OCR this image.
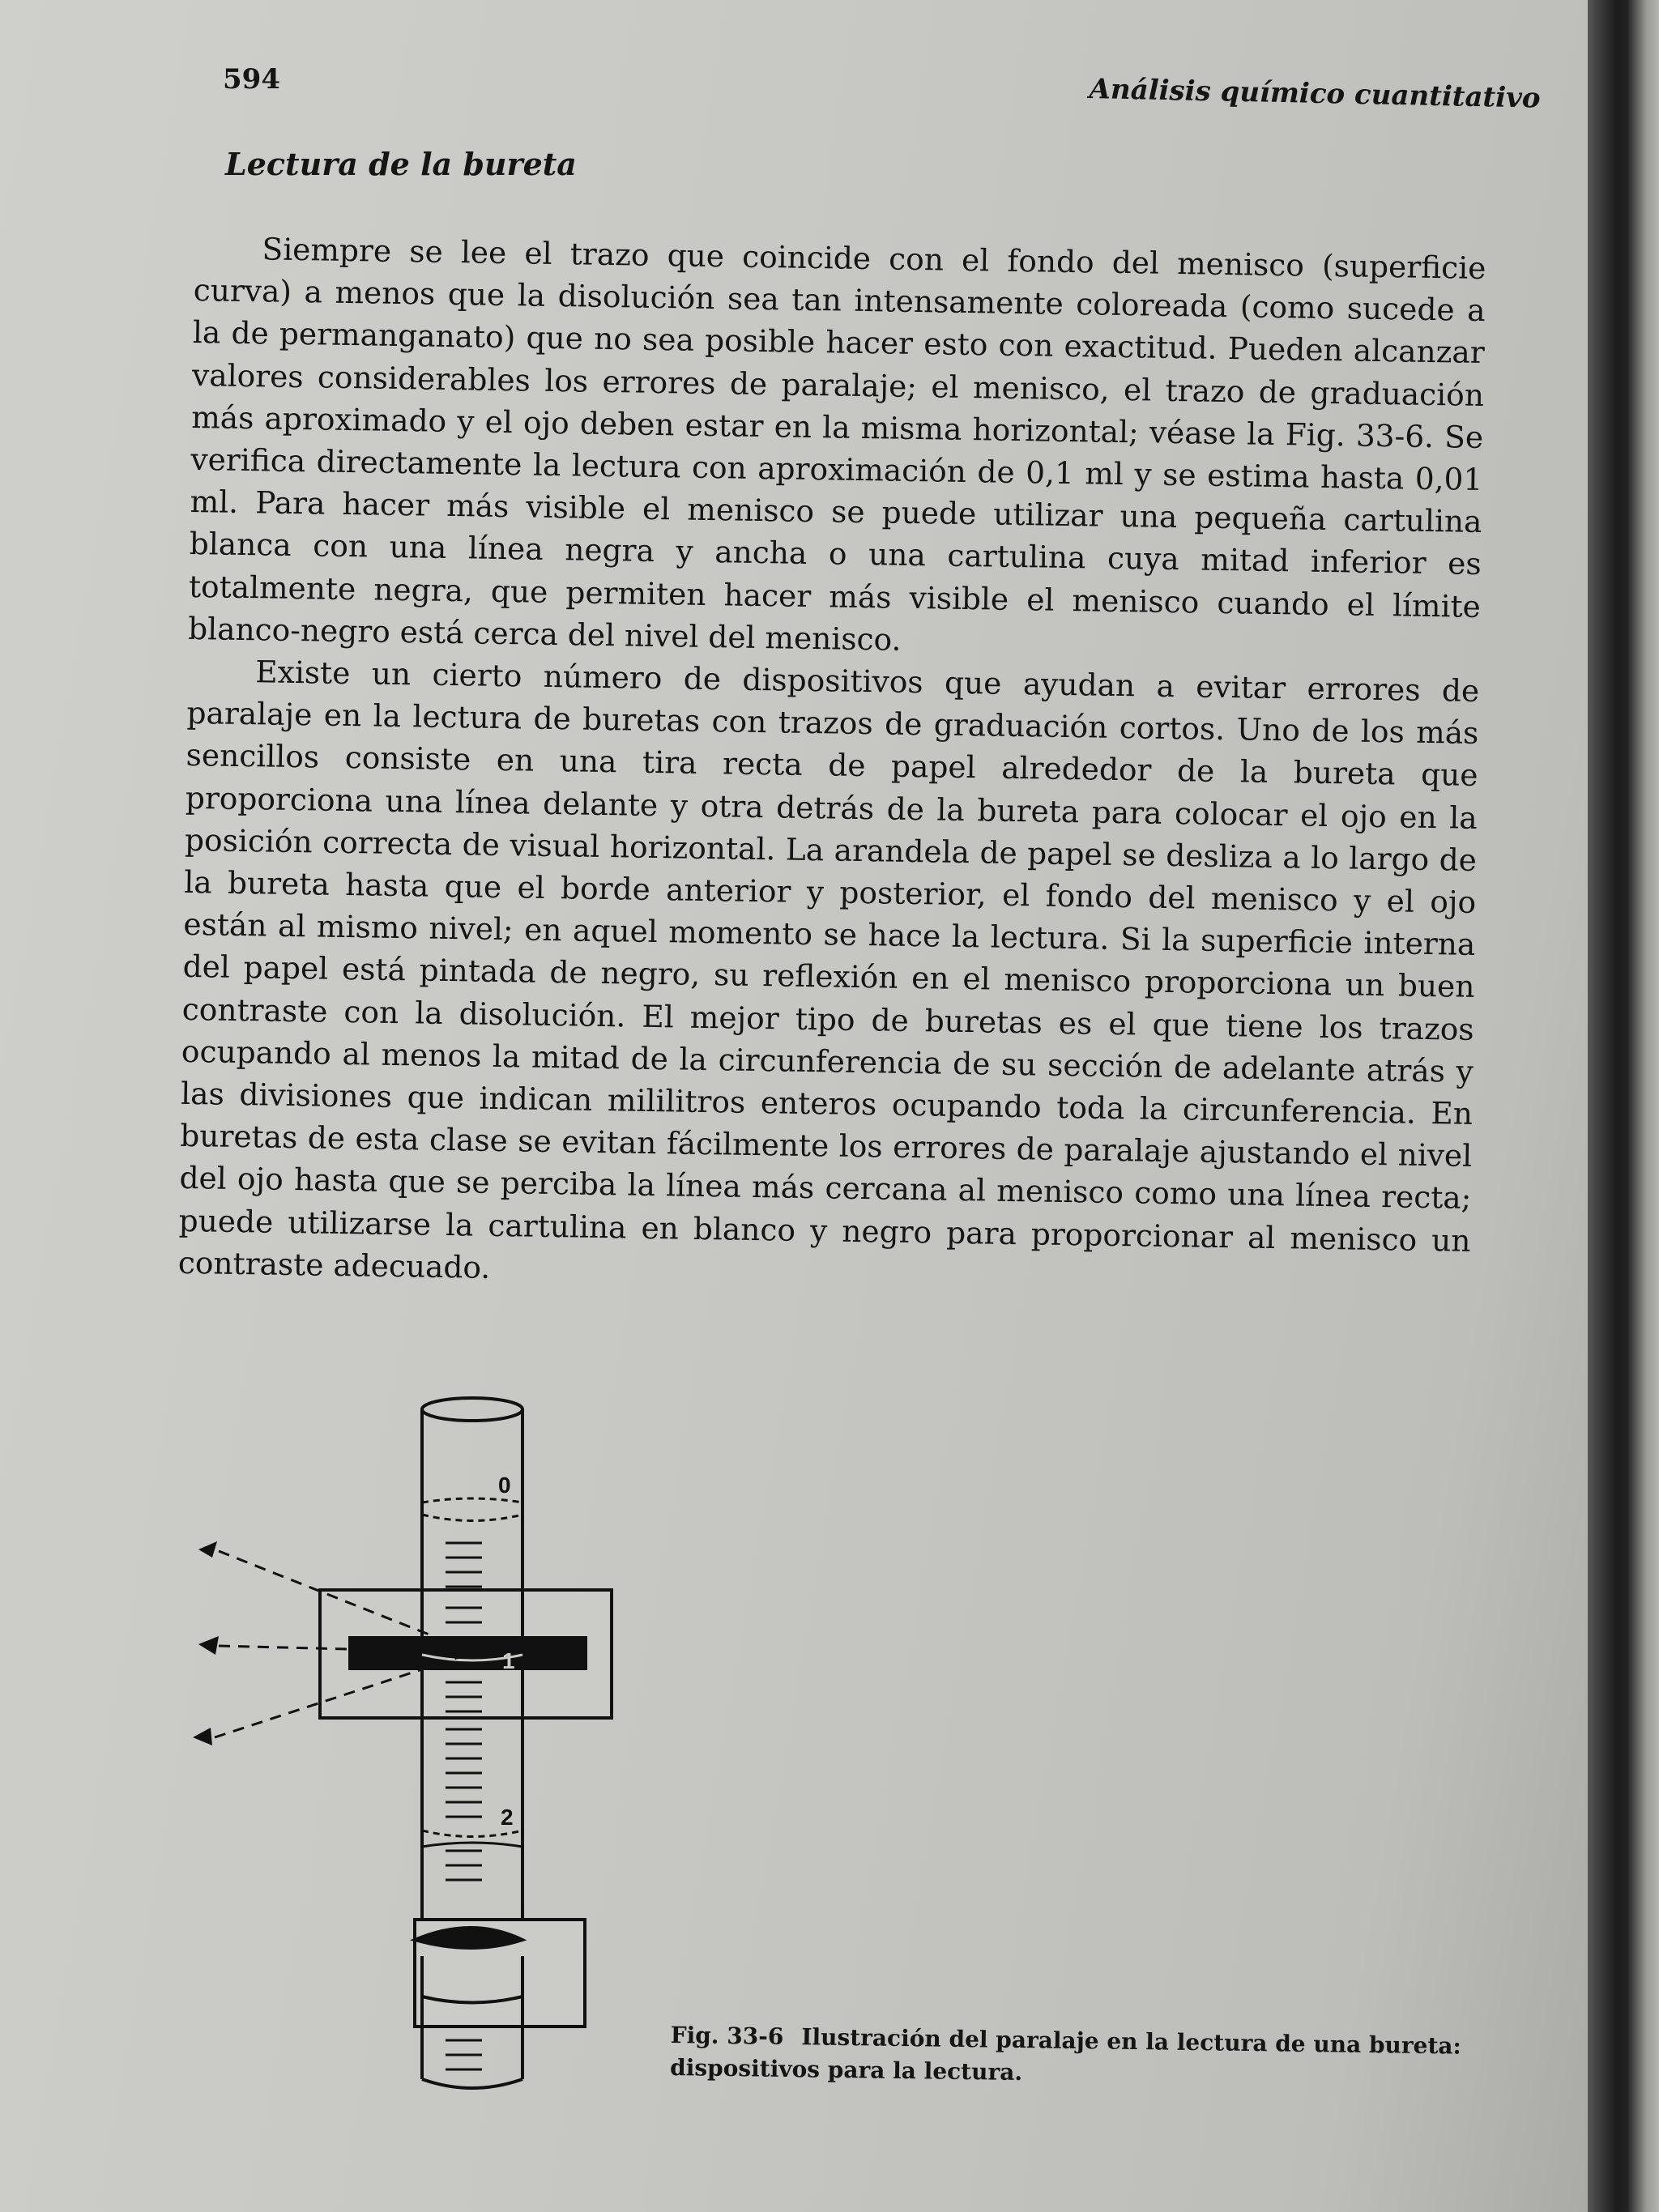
594	Análisis químico cuantitativo
Lectura de la bureta

Siempre se lee el trazo que coincide con el fondo del menisco (superficie curva) a menos que la disolución sea tan intensamente coloreada (como sucede a la de permanganato) que no sea posible hacer esto con exactitud. Pueden alcanzar valores considerables los errores de paralaje; el menisco, el trazo de graduación más aproximado y el ojo deben estar en la misma horizontal; véase la Fig. 33-6. Se verifica directamente la lectura con aproximación de 0,1 ml y se estima hasta 0,01 ml. Para hacer más visible el menisco se puede utilizar una pequeña cartulina blanca con una línea negra y ancha o una cartulina cuya mitad inferior es totalmente negra, que permiten hacer más visible el menisco cuando el límite blanco-negro está cerca del nivel del menisco.

Existe un cierto número de dispositivos que ayudan a evitar errores de paralaje en la lectura de buretas con trazos de graduación cortos. Uno de los más sencillos consiste en una tira recta de papel alrededor de la bureta que proporciona una línea delante y otra detrás de la bureta para colocar el ojo en la posición correcta de visual horizontal. La arandela de papel se desliza a lo largo de la bureta hasta que el borde anterior y posterior, el fondo del menisco y el ojo están al mismo nivel; en aquel momento se hace la lectura. Si la superficie interna del papel está pintada de negro, su reflexión en el menisco proporciona un buen contraste con la disolución. El mejor tipo de buretas es el que tiene los trazos ocupando al menos la mitad de la circunferencia de su sección de adelante atrás y las divisiones que indican mililitros enteros ocupando toda la circunferencia. En buretas de esta clase se evitan fácilmente los errores de paralaje ajustando el nivel del ojo hasta que se perciba la línea más cercana al menisco como una línea recta; puede utilizarse la cartulina en blanco y negro para proporcionar al menisco un contraste adecuado.

0
1
2
Fig. 33-6 Ilustración del paralaje en la lectura de una bureta: dispositivos para la lectura.
